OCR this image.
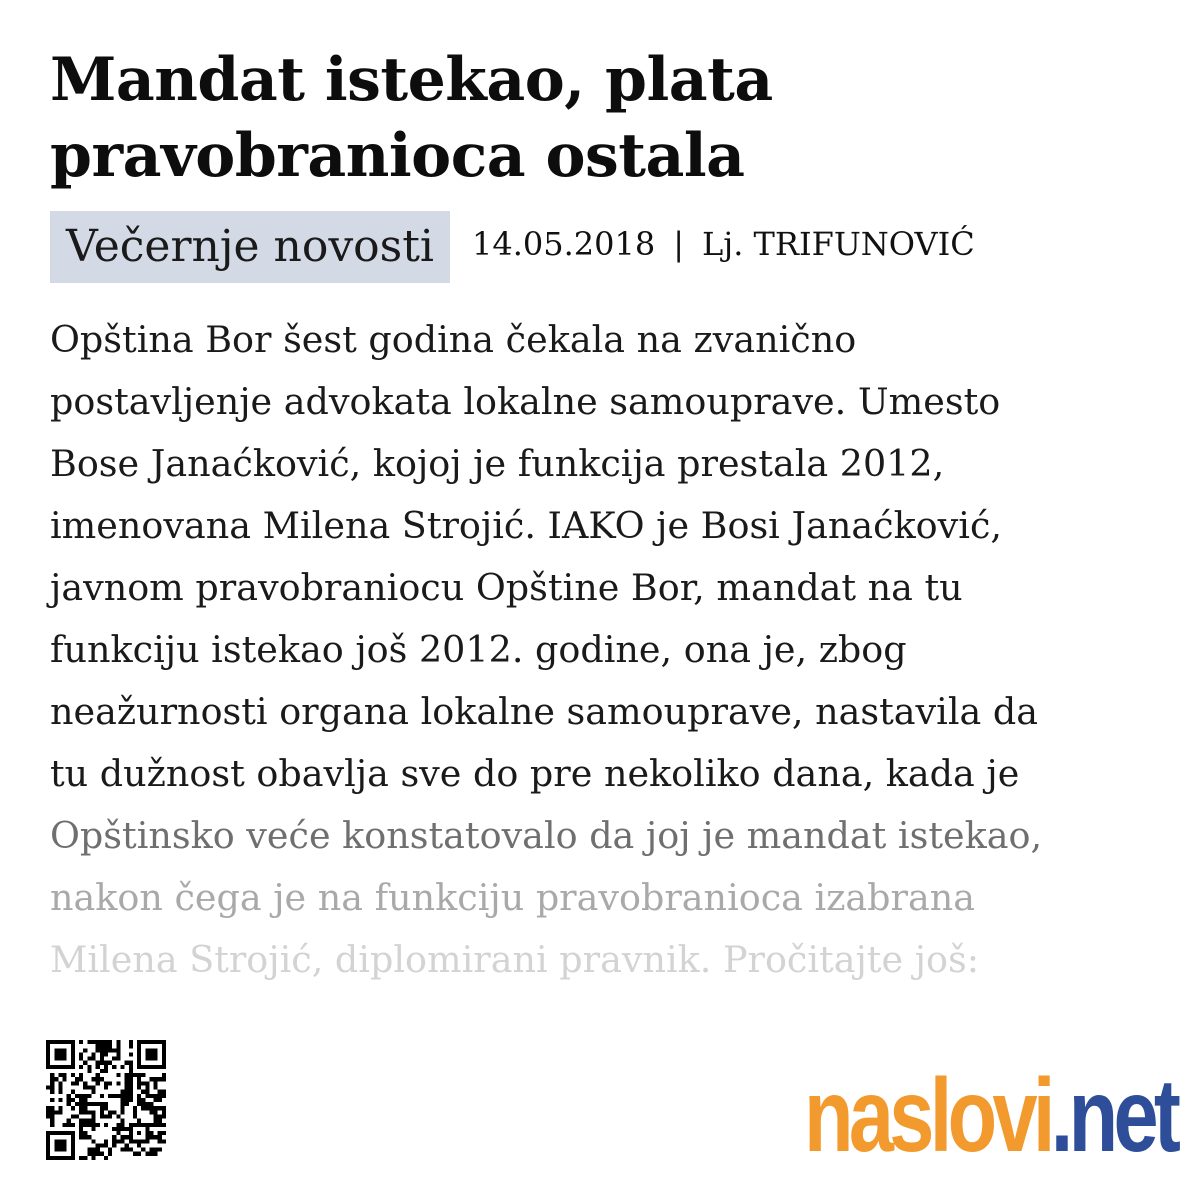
Mandat istekao, plata
pravobranioca ostala
Večernje novosti	14.05.2018 | Lj. TRIFUNOVIĆ
Opština Bor šest godina čekala na zvanično
postavljenje advokata lokalne samouprave. Umesto
Bose Janaćković, kojoj je funkcija prestala 2012,
imenovana Milena Strojić. IAKO je Bosi Janaćković,
javnom pravobraniocu Opštine Bor, mandat na tu
funkciju istekao još 2012. godine, ona je, zbog
neažurnosti organa lokalne samouprave, nastavila da
tu dužnost obavlja sve do pre nekoliko dana, kada je
Opštinsko veće konstatovalo da joj je mandat istekao,
nakon čega je na funkciju pravobranioca izabrana
Milena Strojić, diplomirani pravnik. Pročitajte još:
naslovi .net
